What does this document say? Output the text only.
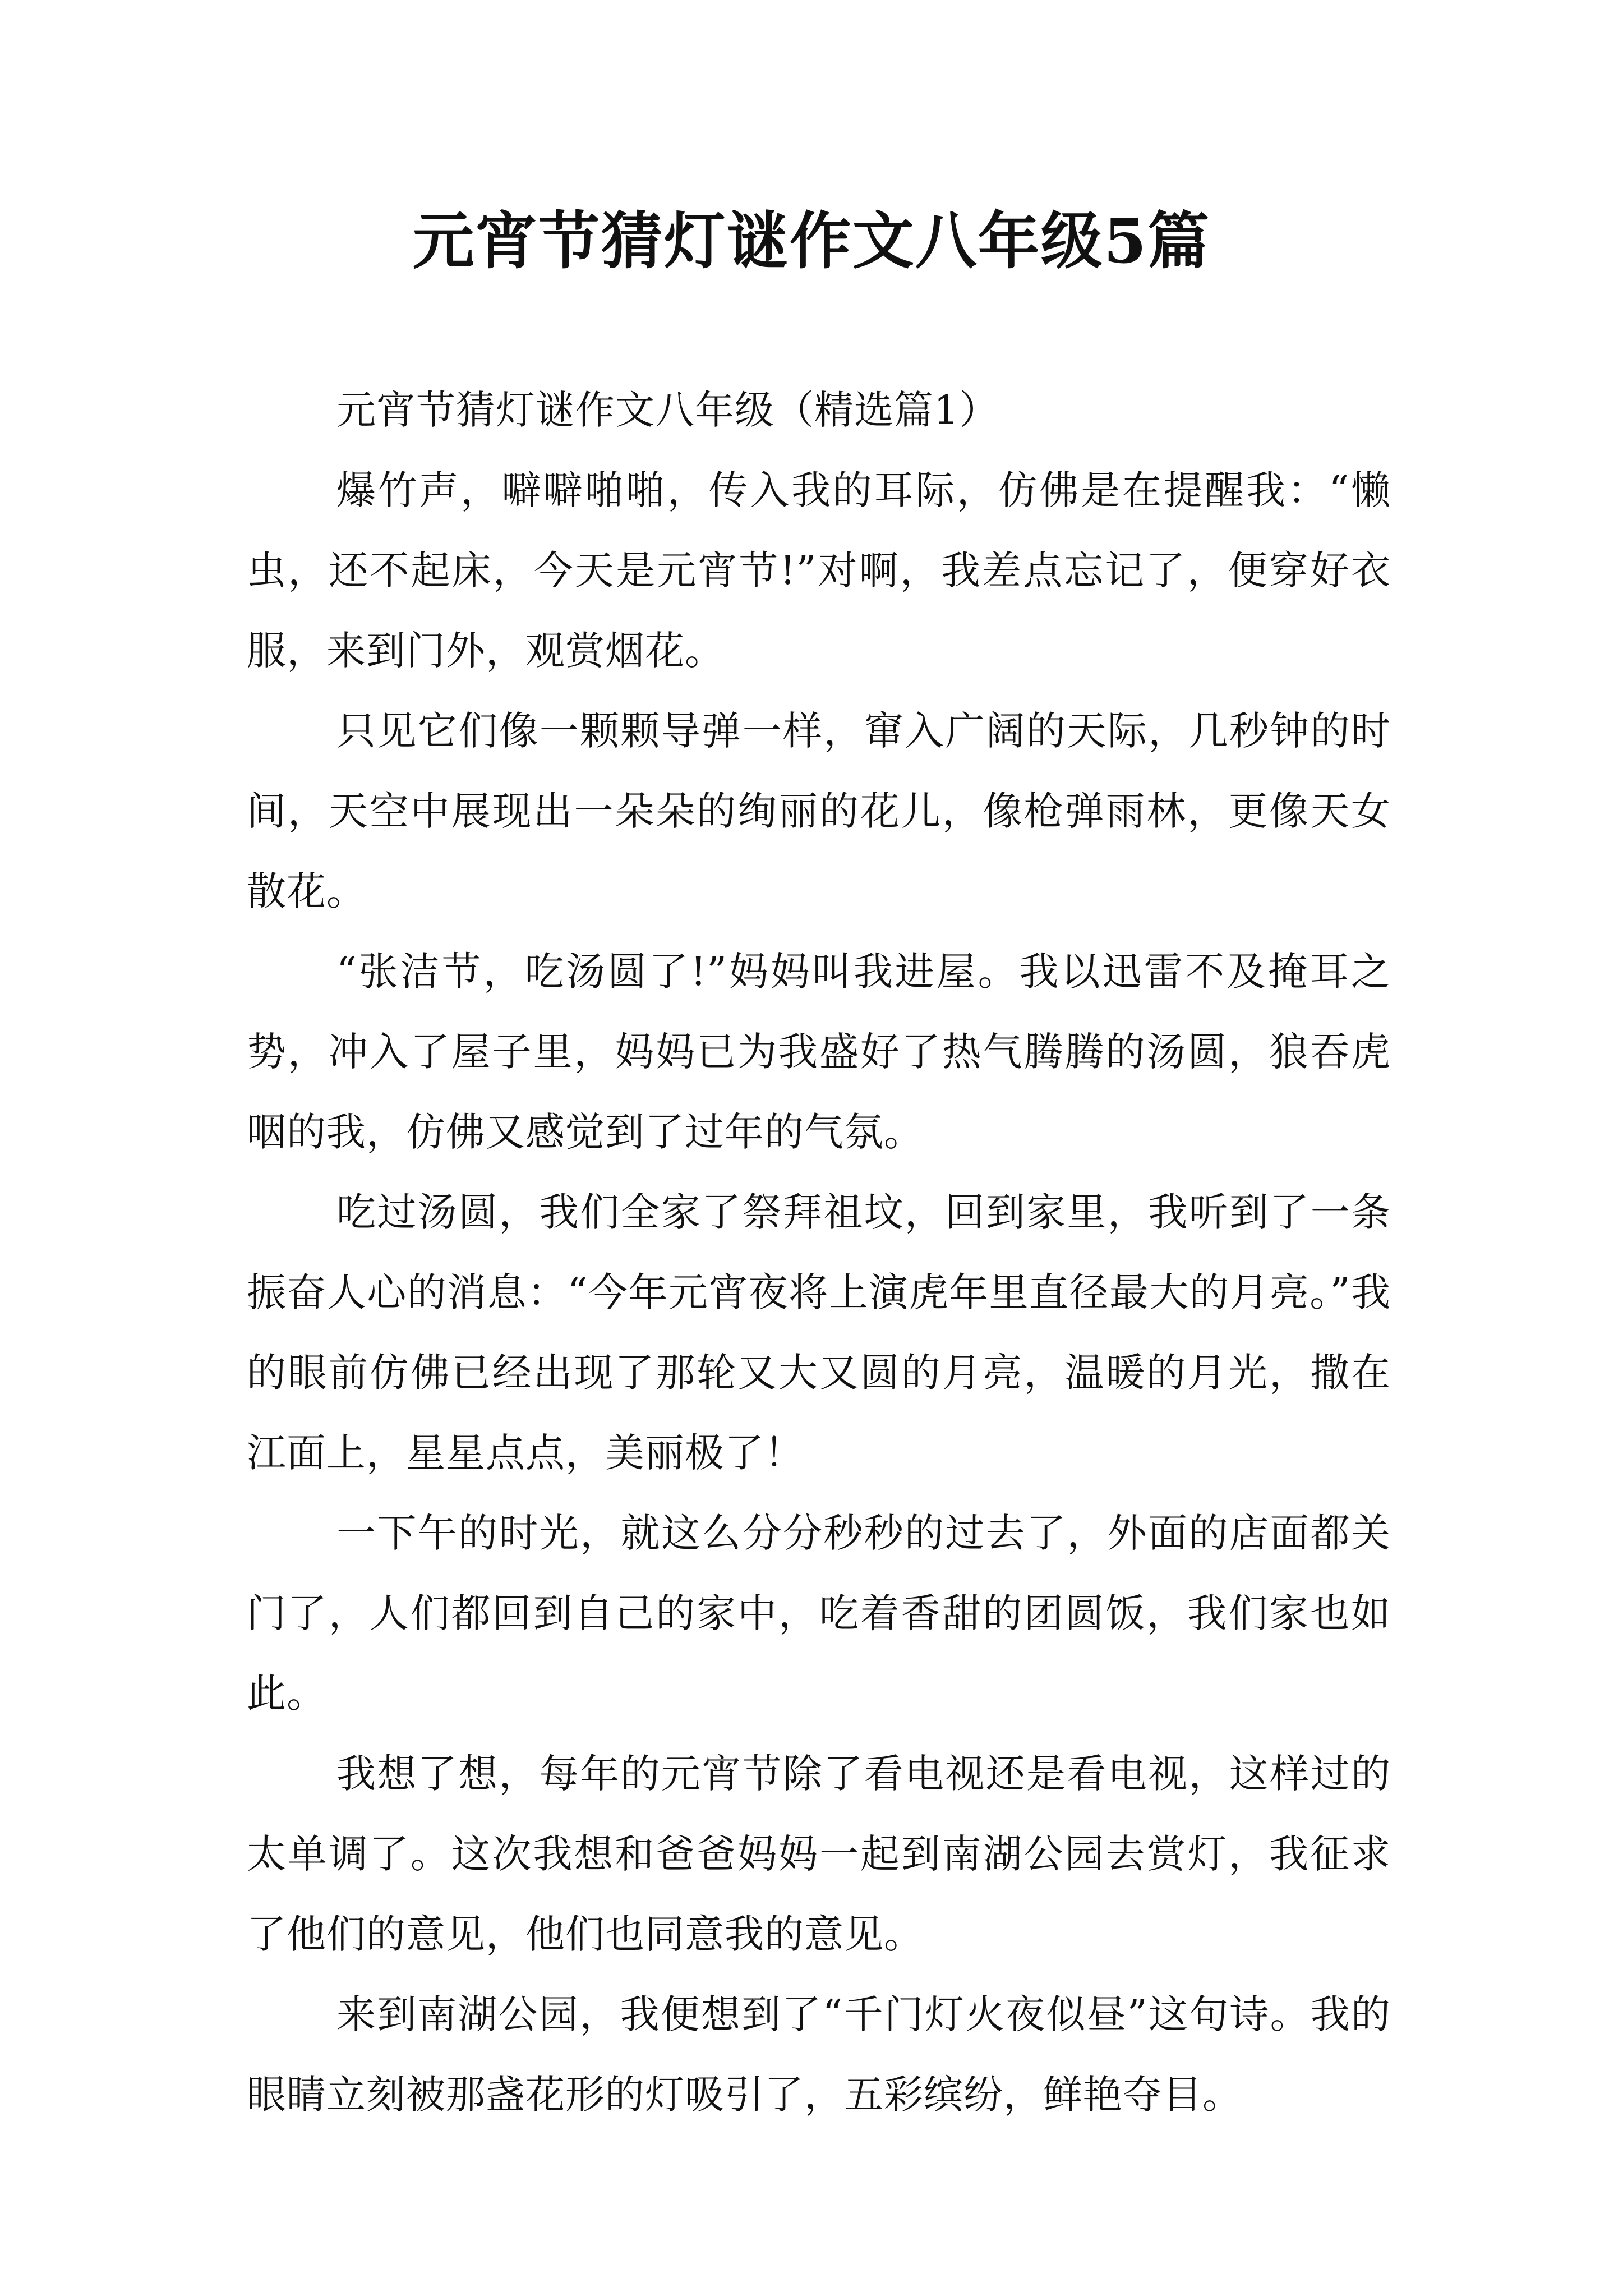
元宵节猜灯谜作文八年级5篇

元宵节猜灯谜作文八年级（精选篇1）

爆竹声，噼噼啪啪，传入我的耳际，仿佛是在提醒我：“懒虫，还不起床，今天是元宵节!”对啊，我差点忘记了，便穿好衣服，来到门外，观赏烟花。

只见它们像一颗颗导弹一样，窜入广阔的天际，几秒钟的时间，天空中展现出一朵朵的绚丽的花儿，像枪弹雨林，更像天女散花。

“张洁节，吃汤圆了!”妈妈叫我进屋。我以迅雷不及掩耳之势，冲入了屋子里，妈妈已为我盛好了热气腾腾的汤圆，狼吞虎咽的我，仿佛又感觉到了过年的气氛。

吃过汤圆，我们全家了祭拜祖坟，回到家里，我听到了一条振奋人心的消息：“今年元宵夜将上演虎年里直径最大的月亮。”我的眼前仿佛已经出现了那轮又大又圆的月亮，温暖的月光，撒在江面上，星星点点，美丽极了！

一下午的时光，就这么分分秒秒的过去了，外面的店面都关门了，人们都回到自己的家中，吃着香甜的团圆饭，我们家也如此。

我想了想，每年的元宵节除了看电视还是看电视，这样过的太单调了。这次我想和爸爸妈妈一起到南湖公园去赏灯，我征求了他们的意见，他们也同意我的意见。

来到南湖公园，我便想到了“千门灯火夜似昼”这句诗。我的眼睛立刻被那盏花形的灯吸引了，五彩缤纷，鲜艳夺目。
